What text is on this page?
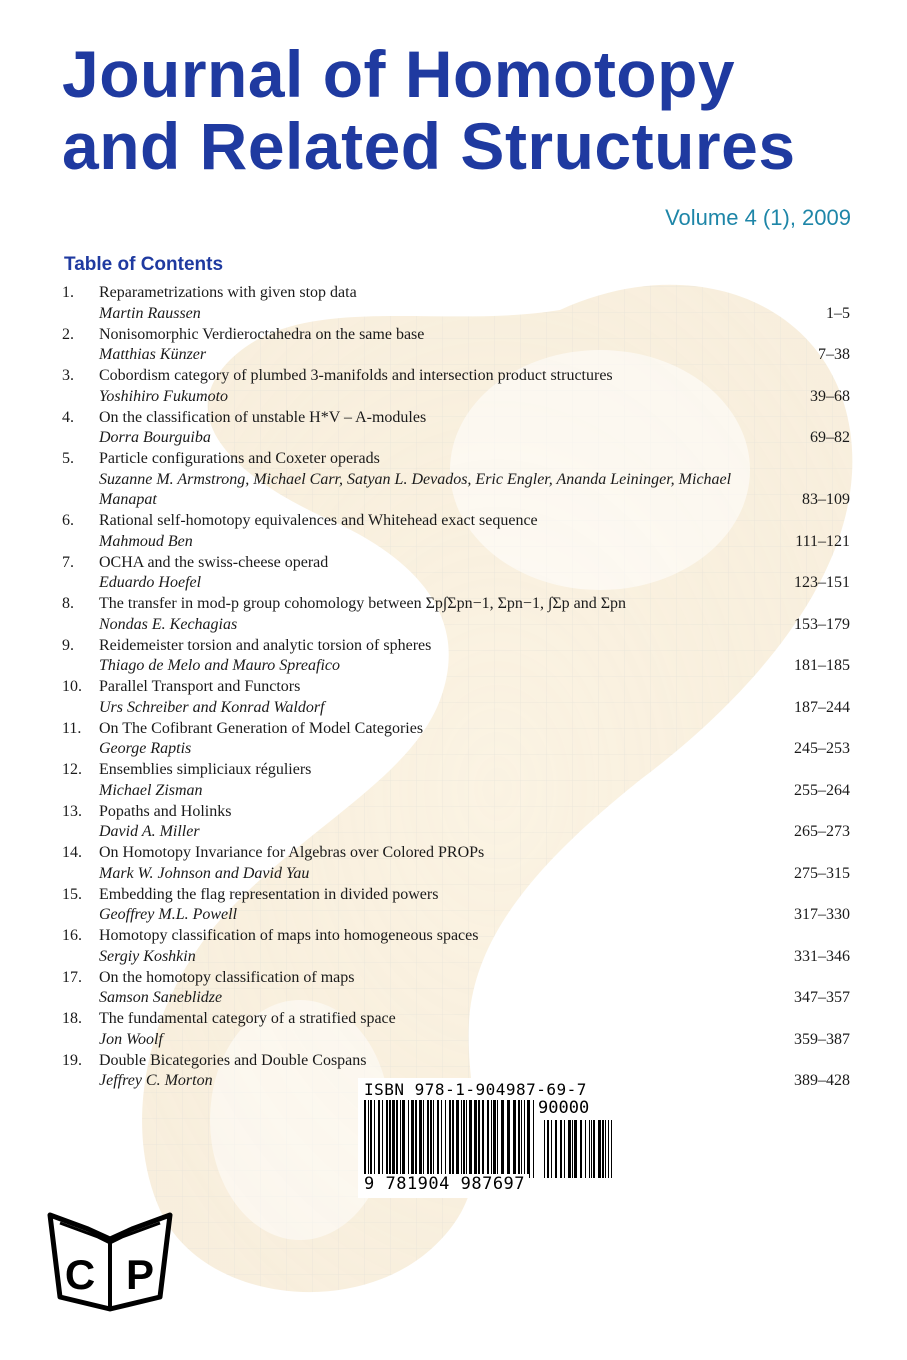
Journal of Homotopy
and Related Structures
Volume 4 (1), 2009
Table of Contents
1. Reparametrizations with given stop data
Martin Raussen	1–5
2. Nonisomorphic Verdieroctahedra on the same base
Matthias Künzer	7–38
3. Cobordism category of plumbed 3-manifolds and intersection product structures
Yoshihiro Fukumoto	39–68
4. On the classification of unstable H*V – A-modules
Dorra Bourguiba	69–82
5. Particle configurations and Coxeter operads
Suzanne M. Armstrong, Michael Carr, Satyan L. Devados, Eric Engler, Ananda Leininger, Michael Manapat	83–109
6. Rational self-homotopy equivalences and Whitehead exact sequence
Mahmoud Ben	111–121
7. OCHA and the swiss-cheese operad
Eduardo Hoefel	123–151
8. The transfer in mod-p group cohomology between Σp∫Σpn−1, Σpn−1, ∫Σp and Σpn
Nondas E. Kechagias	153–179
9. Reidemeister torsion and analytic torsion of spheres
Thiago de Melo and Mauro Spreafico	181–185
10. Parallel Transport and Functors
Urs Schreiber and Konrad Waldorf	187–244
11. On The Cofibrant Generation of Model Categories
George Raptis	245–253
12. Ensemblies simpliciaux réguliers
Michael Zisman	255–264
13. Popaths and Holinks
David A. Miller	265–273
14. On Homotopy Invariance for Algebras over Colored PROPs
Mark W. Johnson and David Yau	275–315
15. Embedding the flag representation in divided powers
Geoffrey M.L. Powell	317–330
16. Homotopy classification of maps into homogeneous spaces
Sergiy Koshkin	331–346
17. On the homotopy classification of maps
Samson Saneblidze	347–357
18. The fundamental category of a stratified space
Jon Woolf	359–387
19. Double Bicategories and Double Cospans
Jeffrey C. Morton	389–428
ISBN 978-1-904987-69-7
90000
9 781904 987697
C P
